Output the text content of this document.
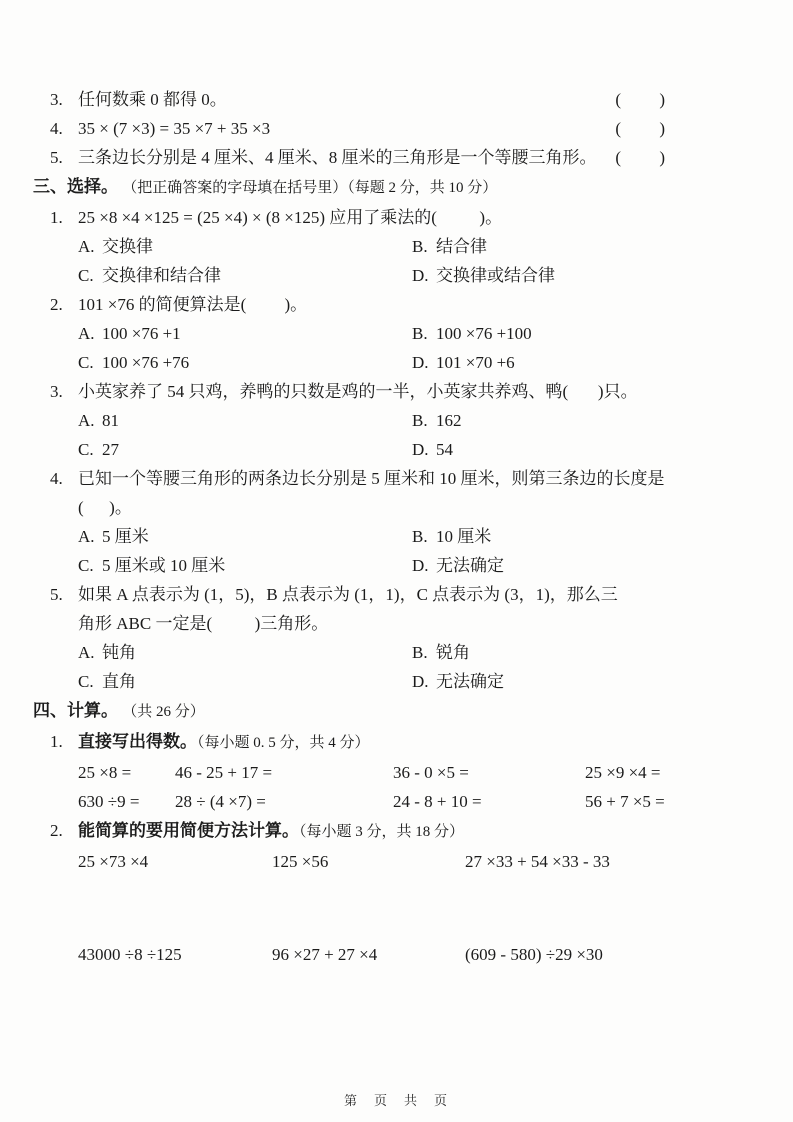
3. 任何数乘 0 都得 0。	(         )
4. 35 × (7 ×3) = 35 ×7 + 35 ×3	(         )
5. 三条边长分别是 4 厘米、4 厘米、8 厘米的三角形是一个等腰三角形。	(         )
三、选择。 （把正确答案的字母填在括号里）（每题 2 分，共 10 分）
1. 25 ×8 ×4 ×125 = (25 ×4) × (8 ×125) 应用了乘法的(          )。
A. 交换律	B. 结合律
C. 交换律和结合律	D. 交换律或结合律
2. 101 ×76 的简便算法是(         )。
A. 100 ×76 +1	B. 100 ×76 +100
C. 100 ×76 +76	D. 101 ×70 +6
3. 小英家养了 54 只鸡，养鸭的只数是鸡的一半，小英家共养鸡、鸭(       )只。
A. 81	B. 162
C. 27	D. 54
4. 已知一个等腰三角形的两条边长分别是 5 厘米和 10 厘米，则第三条边的长度是
(      )。
A. 5 厘米	B. 10 厘米
C. 5 厘米或 10 厘米	D. 无法确定
5. 如果 A 点表示为 (1，5)，B 点表示为 (1，1)，C 点表示为 (3，1)，那么三
角形 ABC 一定是(          )三角形。
A. 钝角	B. 锐角
C. 直角	D. 无法确定
四、计算。 （共 26 分）
1. 直接写出得数。（每小题 0. 5 分，共 4 分）
25 ×8 =	46 - 25 + 17 =	36 - 0 ×5 =	25 ×9 ×4 =
630 ÷9 =	28 ÷ (4 ×7) =	24 - 8 + 10 =	56 + 7 ×5 =
2. 能简算的要用简便方法计算。（每小题 3 分，共 18 分）
25 ×73 ×4	125 ×56	27 ×33 + 54 ×33 - 33
43000 ÷8 ÷125	96 ×27 + 27 ×4	(609 - 580) ÷29 ×30
第　页　共　页
